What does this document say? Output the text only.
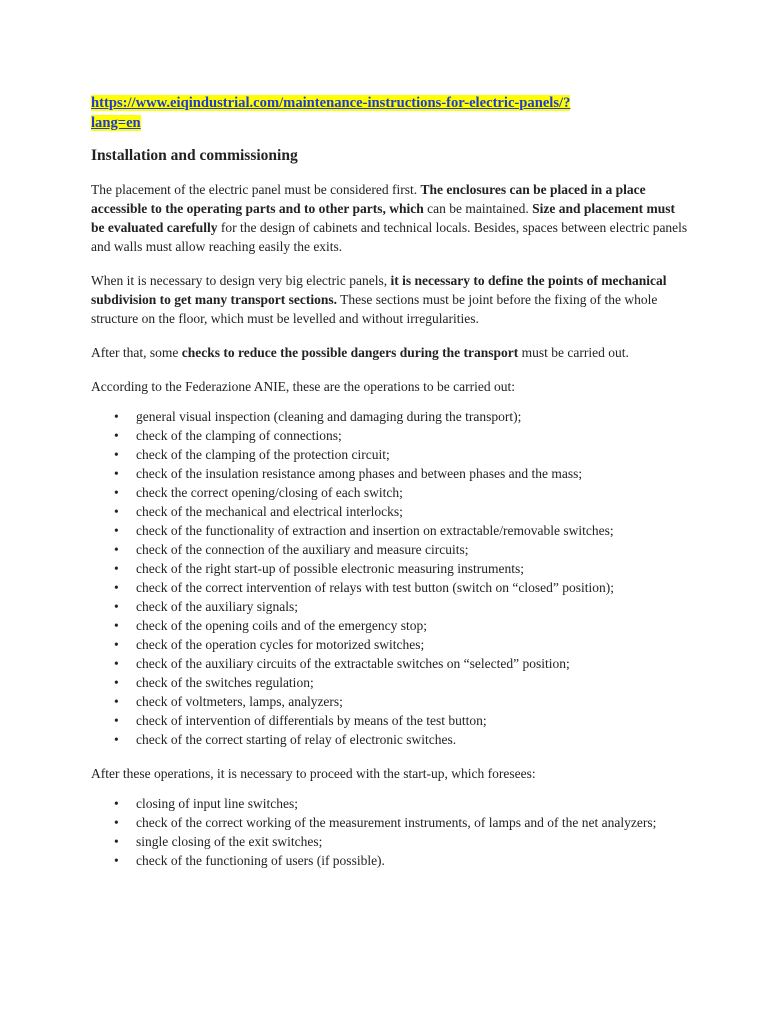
https://www.eiqindustrial.com/maintenance-instructions-for-electric-panels/?
lang=en
Installation and commissioning

The placement of the electric panel must be considered first. The enclosures can be placed in a place accessible to the operating parts and to other parts, which can be maintained. Size and placement must be evaluated carefully for the design of cabinets and technical locals. Besides, spaces between electric panels and walls must allow reaching easily the exits.

When it is necessary to design very big electric panels, it is necessary to define the points of mechanical subdivision to get many transport sections. These sections must be joint before the fixing of the whole structure on the floor, which must be levelled and without irregularities.

After that, some checks to reduce the possible dangers during the transport must be carried out.

According to the Federazione ANIE, these are the operations to be carried out:

• general visual inspection (cleaning and damaging during the transport);
• check of the clamping of connections;
• check of the clamping of the protection circuit;
• check of the insulation resistance among phases and between phases and the mass;
• check the correct opening/closing of each switch;
• check of the mechanical and electrical interlocks;
• check of the functionality of extraction and insertion on extractable/removable switches;
• check of the connection of the auxiliary and measure circuits;
• check of the right start-up of possible electronic measuring instruments;
• check of the correct intervention of relays with test button (switch on “closed” position);
• check of the auxiliary signals;
• check of the opening coils and of the emergency stop;
• check of the operation cycles for motorized switches;
• check of the auxiliary circuits of the extractable switches on “selected” position;
• check of the switches regulation;
• check of voltmeters, lamps, analyzers;
• check of intervention of differentials by means of the test button;
• check of the correct starting of relay of electronic switches.

After these operations, it is necessary to proceed with the start-up, which foresees:

• closing of input line switches;
• check of the correct working of the measurement instruments, of lamps and of the net analyzers;
• single closing of the exit switches;
• check of the functioning of users (if possible).
